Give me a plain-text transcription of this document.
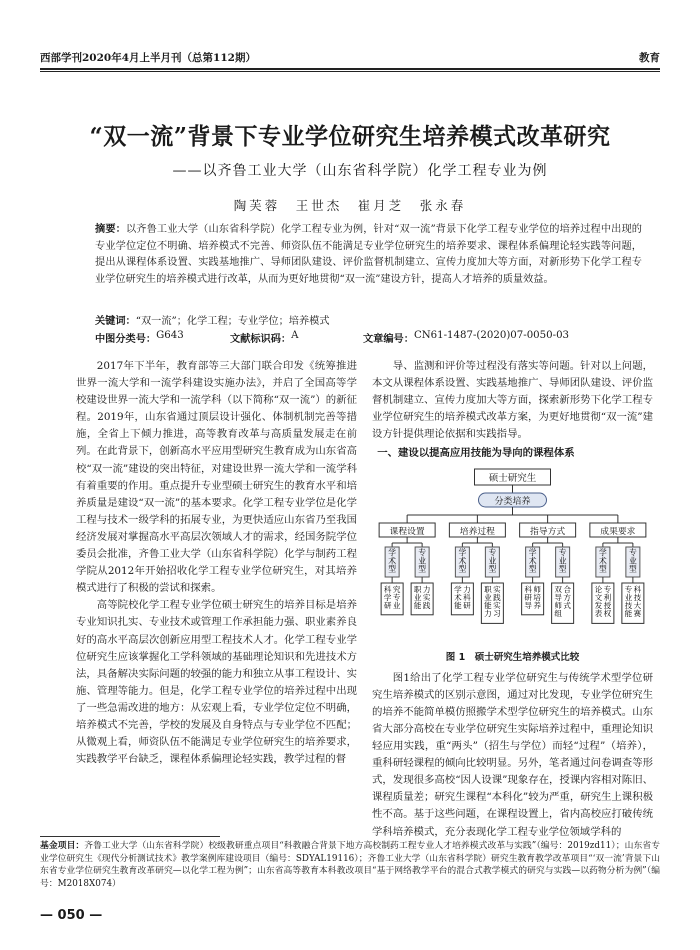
西部学刊2020年4月上半月刊（总第112期）	教育
“双一流”背景下专业学位研究生培养模式改革研究
——以齐鲁工业大学（山东省科学院）化学工程专业为例
陶芙蓉　王世杰　崔月芝　张永春
摘要：以齐鲁工业大学（山东省科学院）化学工程专业为例，针对“双一流”背景下化学工程专业学位的培养过程中出现的专业学位定位不明确、培养模式不完善、师资队伍不能满足专业学位研究生的培养要求、课程体系偏理论轻实践等问题，提出从课程体系设置、实践基地推广、导师团队建设、评价监督机制建立、宣传力度加大等方面，对新形势下化学工程专业学位研究生的培养模式进行改革，从而为更好地贯彻“双一流”建设方针，提高人才培养的质量效益。
关键词： “双一流”；化学工程；专业学位；培养模式
中图分类号： G643	文献标识码： A	文章编号： CN61-1487-(2020)07-0050-03

2017年下半年，教育部等三大部门联合印发《统筹推进世界一流大学和一流学科建设实施办法》，并启了全国高等学校建设世界一流大学和一流学科（以下简称“双一流”）的新征程。2019年，山东省通过顶层设计强化、体制机制完善等措施，全省上下倾力推进，高等教育改革与高质量发展走在前列。在此背景下，创新高水平应用型研究生教育成为山东省高校“双一流”建设的突出特征，对建设世界一流大学和一流学科有着重要的作用。重点提升专业型硕士研究生的教育水平和培养质量是建设“双一流”的基本要求。化学工程专业学位是化学工程与技术一级学科的拓展专业，为更快适应山东省乃至我国经济发展对掌握高水平高层次领域人才的需求，经国务院学位委员会批准，齐鲁工业大学（山东省科学院）化学与制药工程学院从2012年开始招收化学工程专业学位研究生，对其培养模式进行了积极的尝试和探索。

高等院校化学工程专业学位硕士研究生的培养目标是培养专业知识扎实、专业技术或管理工作承担能力强、职业素养良好的高水平高层次创新应用型工程技术人才。化学工程专业学位研究生应该掌握化工学科领域的基础理论知识和先进技术方法，具备解决实际问题的较强的能力和独立从事工程设计、实施、管理等能力。但是，化学工程专业学位的培养过程中出现了一些急需改进的地方：从宏观上看，专业学位定位不明确，培养模式不完善，学校的发展及自身特点与专业学位不匹配；从微观上看，师资队伍不能满足专业学位研究生的培养要求，实践教学平台缺乏，课程体系偏理论轻实践，教学过程的督

导、监测和评价等过程没有落实等问题。针对以上问题，本文从课程体系设置、实践基地推广、导师团队建设、评价监督机制建立、宣传力度加大等方面，探索新形势下化学工程专业学位研究生的培养模式改革方案，为更好地贯彻“双一流”建设方针提供理论依据和实践指导。

一、建设以提高应用技能为导向的课程体系
硕士研究生
分类培养
课程设置
学
术
型
专
业
型
科
学
研
究
专
业
职
业
能
力
实
践
培养过程
学
术
型
专
业
型
学
术
能
力
科
研
职
业
能
力
实
践
实
习
指导方式
学
术
型
专
业
型
科
研
导
师
培
养
双
导
师
组
合
方
式
成果要求
学
术
型
专
业
型
论
文
发
表
专
利
授
权
专
业
技
能
科
技
大
赛
图 1　硕士研究生培养模式比较

图1给出了化学工程专业学位研究生与传统学术型学位研究生培养模式的区别示意图，通过对比发现，专业学位研究生的培养不能简单模仿照搬学术型学位研究生的培养模式。山东省大部分高校在专业学位研究生实际培养过程中，重理论知识轻应用实践，重“两头”（招生与学位）而轻“过程”（培养），重科研轻课程的倾向比较明显。另外，笔者通过问卷调查等形式，发现很多高校“因人设课”现象存在，授课内容相对陈旧、课程质量差；研究生课程“本科化”较为严重，研究生上课积极性不高。基于这些问题，在课程设置上，省内高校应打破传统学科培养模式，充分表现化学工程专业学位领域学科的

基金项目：齐鲁工业大学（山东省科学院）校级教研重点项目“科教融合背景下地方高校制药工程专业人才培养模式改革与实践”（编号：2019zd11）；山东省专业学位研究生《现代分析测试技术》教学案例库建设项目（编号：SDYAL19116）；齐鲁工业大学（山东省科学院）研究生教育教学改革项目“‘双一流’背景下山东省专业学位研究生教育改革研究—以化学工程为例”；山东省高等教育本科教改项目“基于网络教学平台的混合式教学模式的研究与实践—以药物分析为例”（编号：M2018X074）
— 050 —
